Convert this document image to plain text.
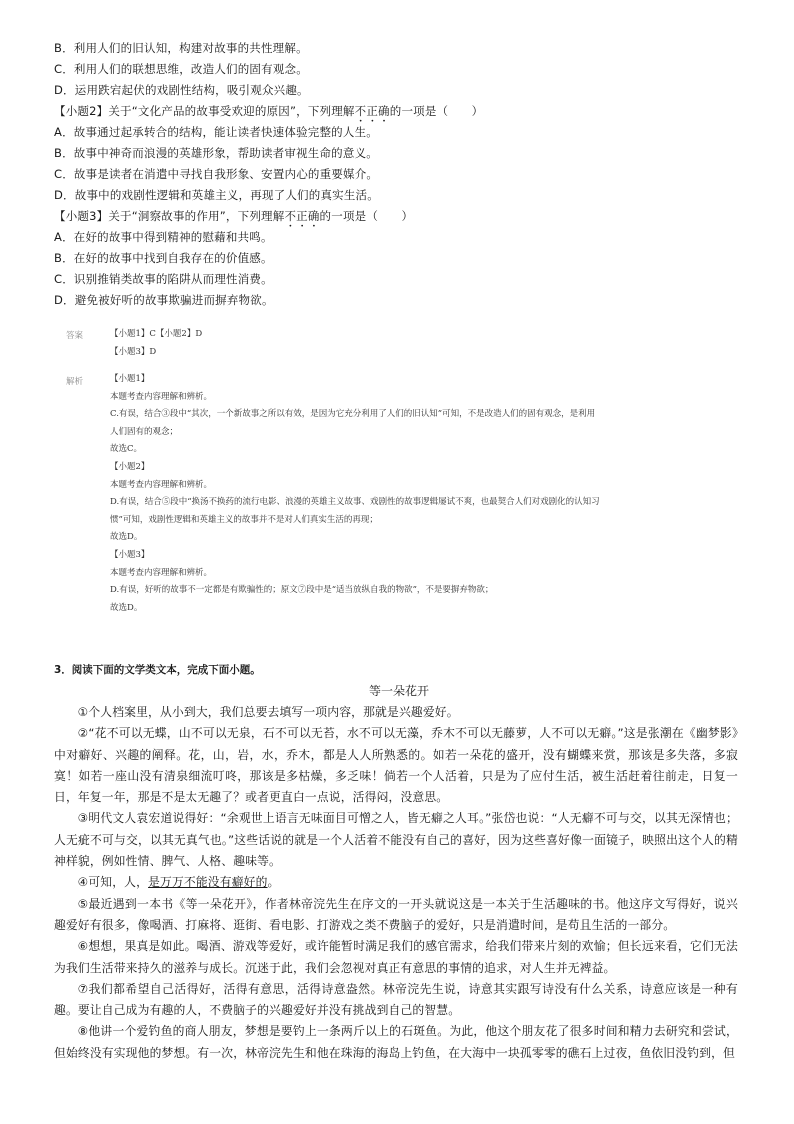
B．利用人们的旧认知，构建对故事的共性理解。
C．利用人们的联想思维，改造人们的固有观念。
D．运用跌宕起伏的戏剧性结构，吸引观众兴趣。
【小题2】关于“文化产品的故事受欢迎的原因”，下列理解不正确的一项是（　　）
A．故事通过起承转合的结构，能让读者快速体验完整的人生。
B．故事中神奇而浪漫的英雄形象，帮助读者审视生命的意义。
C．故事是读者在消遣中寻找自我形象、安置内心的重要媒介。
D．故事中的戏剧性逻辑和英雄主义，再现了人们的真实生活。
【小题3】关于“洞察故事的作用”，下列理解不正确的一项是（　　）
A．在好的故事中得到精神的慰藉和共鸣。
B．在好的故事中找到自我存在的价值感。
C．识别推销类故事的陷阱从而理性消费。
D．避免被好听的故事欺骗进而摒弃物欲。
答案	【小题1】C【小题2】D
【小题3】D
解析	【小题1】
本题考查内容理解和辨析。
C.有误，结合③段中“其次，一个新故事之所以有效，是因为它充分利用了人们的旧认知”可知，不是改造人们的固有观念，是利用
人们固有的观念；
故选C。
【小题2】
本题考查内容理解和辨析。
D.有误，结合⑤段中“换汤不换药的流行电影、浪漫的英雄主义故事、戏剧性的故事逻辑屡试不爽，也最契合人们对戏剧化的认知习
惯”可知，戏剧性逻辑和英雄主义的故事并不是对人们真实生活的再现；
故选D。
【小题3】
本题考查内容理解和辨析。
D.有误，好听的故事不一定都是有欺骗性的；原文⑦段中是“适当放纵自我的物欲”，不是要摒弃物欲；
故选D。
3．阅读下面的文学类文本，完成下面小题。
等一朵花开

①个人档案里，从小到大，我们总要去填写一项内容，那就是兴趣爱好。

②“花不可以无蝶，山不可以无泉，石不可以无苔，水不可以无藻，乔木不可以无藤萝，人不可以无癖。”这是张潮在《幽梦影》中对癖好、兴趣的阐释。花，山，岩，水，乔木，都是人人所熟悉的。如若一朵花的盛开，没有蝴蝶来赏，那该是多失落，多寂寞！如若一座山没有清泉细流叮咚，那该是多枯燥，多乏味！倘若一个人活着，只是为了应付生活，被生活赶着往前走，日复一日，年复一年，那是不是太无趣了？或者更直白一点说，活得闷，没意思。

③明代文人袁宏道说得好：“余观世上语言无味面目可憎之人，皆无癖之人耳。”张岱也说：“人无癖不可与交，以其无深情也；人无疵不可与交，以其无真气也。”这些话说的就是一个人活着不能没有自己的喜好，因为这些喜好像一面镜子，映照出这个人的精神样貌，例如性情、脾气、人格、趣味等。

④可知，人，是万万不能没有癖好的。

⑤最近遇到一本书《等一朵花开》，作者林帝浣先生在序文的一开头就说这是一本关于生活趣味的书。他这序文写得好，说兴趣爱好有很多，像喝酒、打麻将、逛街、看电影、打游戏之类不费脑子的爱好，只是消遣时间，是苟且生活的一部分。

⑥想想，果真是如此。喝酒、游戏等爱好，或许能暂时满足我们的感官需求，给我们带来片刻的欢愉；但长远来看，它们无法为我们生活带来持久的滋养与成长。沉迷于此，我们会忽视对真正有意思的事情的追求，对人生并无裨益。

⑦我们都希望自己活得好，活得有意思，活得诗意盎然。林帝浣先生说，诗意其实跟写诗没有什么关系，诗意应该是一种有趣。要让自己成为有趣的人，不费脑子的兴趣爱好并没有挑战到自己的智慧。

⑧他讲一个爱钓鱼的商人朋友，梦想是要钓上一条两斤以上的石斑鱼。为此，他这个朋友花了很多时间和精力去研究和尝试，但始终没有实现他的梦想。有一次，林帝浣先生和他在珠海的海岛上钓鱼，在大海中一块孤零零的礁石上过夜，鱼依旧没钓到，但
